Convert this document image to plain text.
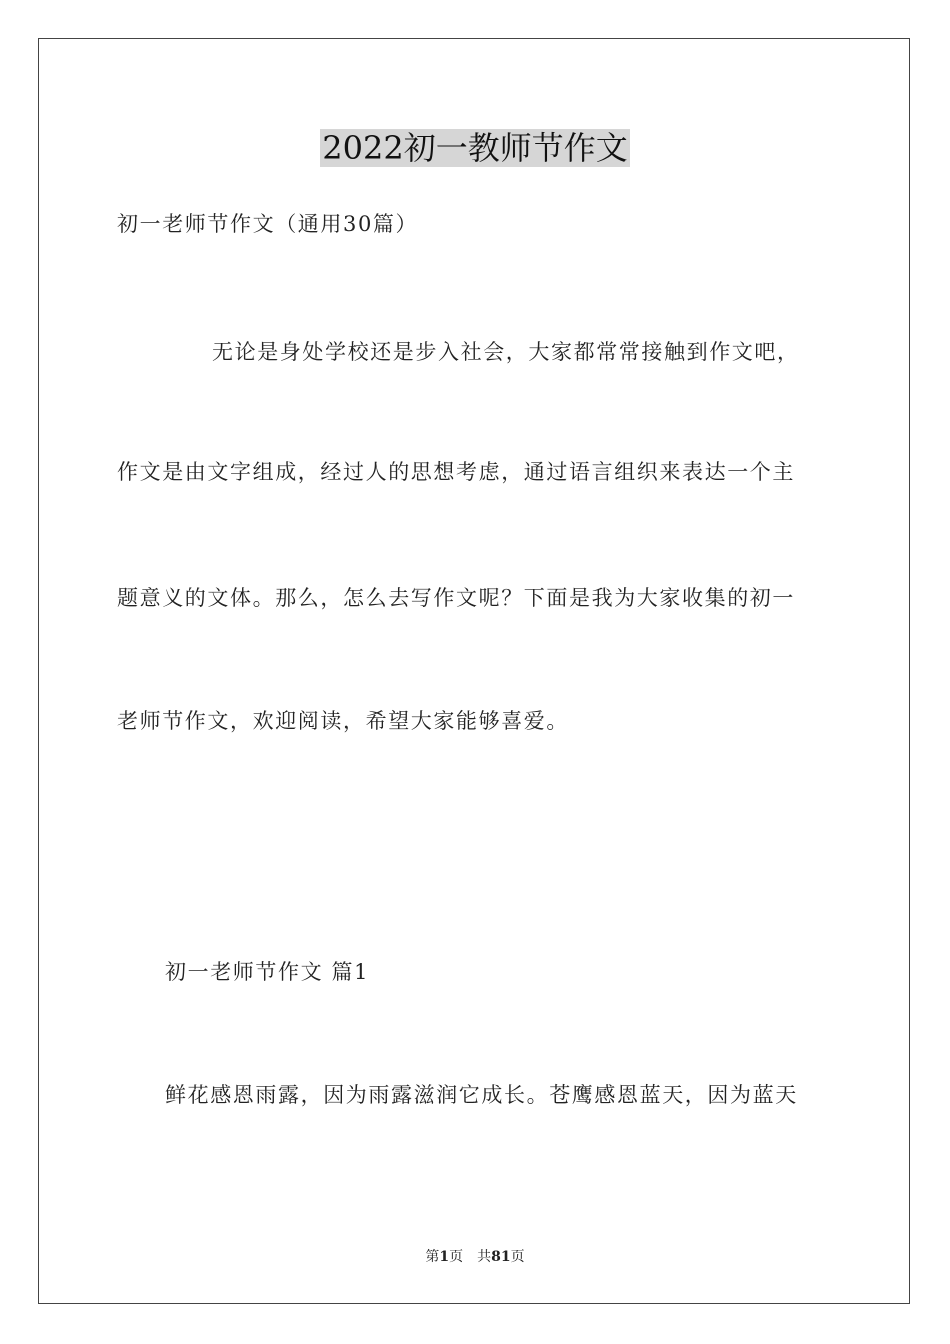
2022初一教师节作文
初一老师节作文（通用30篇）
无论是身处学校还是步入社会，大家都常常接触到作文吧，
作文是由文字组成，经过人的思想考虑，通过语言组织来表达一个主
题意义的文体。那么，怎么去写作文呢？下面是我为大家收集的初一
老师节作文，欢迎阅读，希望大家能够喜爱。
初一老师节作文 篇1
鲜花感恩雨露，因为雨露滋润它成长。苍鹰感恩蓝天，因为蓝天
第1页 共81页
